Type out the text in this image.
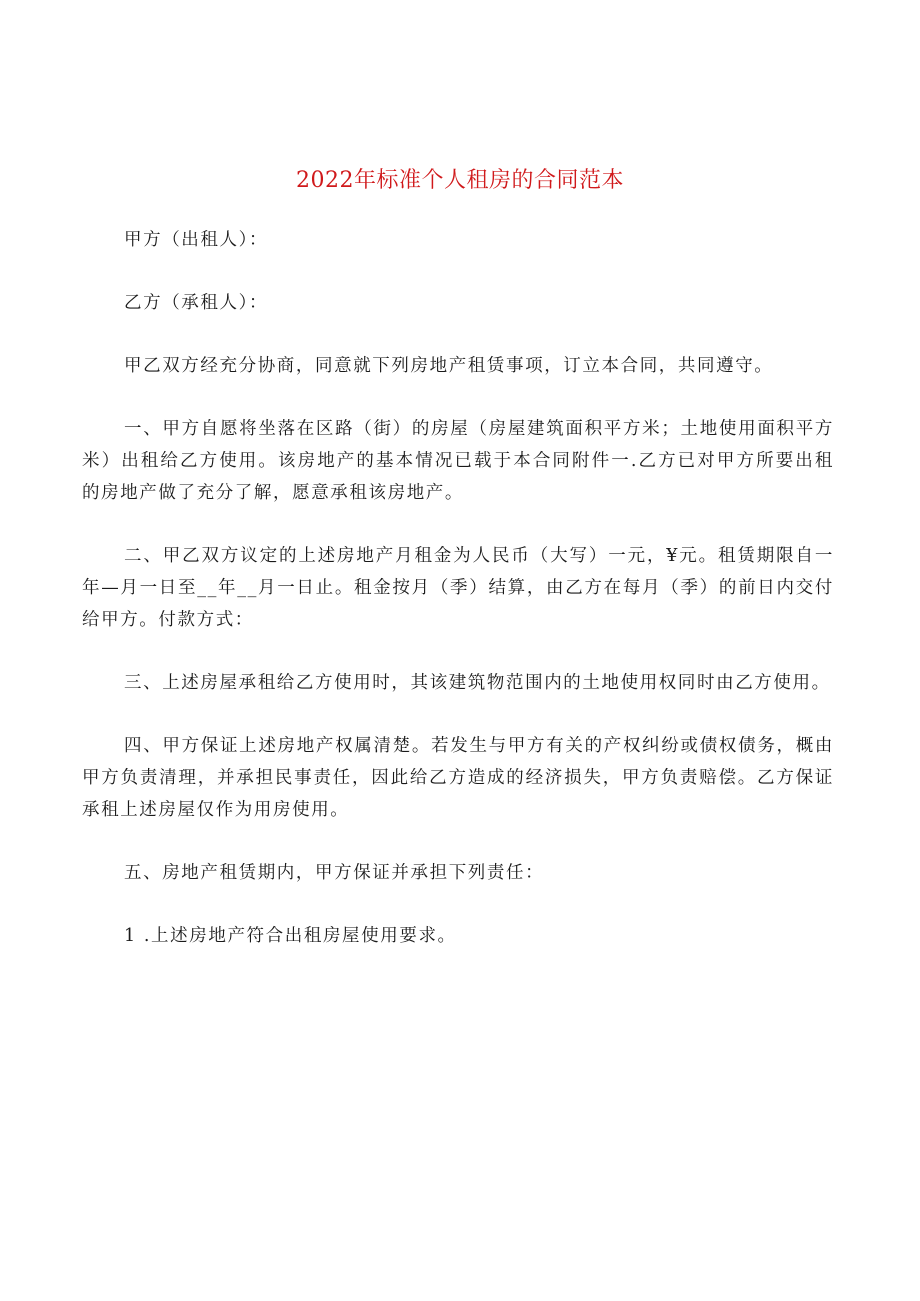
2022年标准个人租房的合同范本

甲方（出租人）：

乙方（承租人）：

甲乙双方经充分协商，同意就下列房地产租赁事项，订立本合同，共同遵守。

一、甲方自愿将坐落在区路（街）的房屋（房屋建筑面积平方米；土地使用面积平方米）出租给乙方使用。该房地产的基本情况已载于本合同附件一.乙方已对甲方所要出租的房地产做了充分了解，愿意承租该房地产。

二、甲乙双方议定的上述房地产月租金为人民币（大写）一元，¥元。租赁期限自一年—月一日至__年__月一日止。租金按月（季）结算，由乙方在每月（季）的前日内交付给甲方。付款方式：

三、上述房屋承租给乙方使用时，其该建筑物范围内的土地使用权同时由乙方使用。

四、甲方保证上述房地产权属清楚。若发生与甲方有关的产权纠纷或债权债务，概由甲方负责清理，并承担民事责任，因此给乙方造成的经济损失，甲方负责赔偿。乙方保证承租上述房屋仅作为用房使用。

五、房地产租赁期内，甲方保证并承担下列责任：

1 .上述房地产符合出租房屋使用要求。
